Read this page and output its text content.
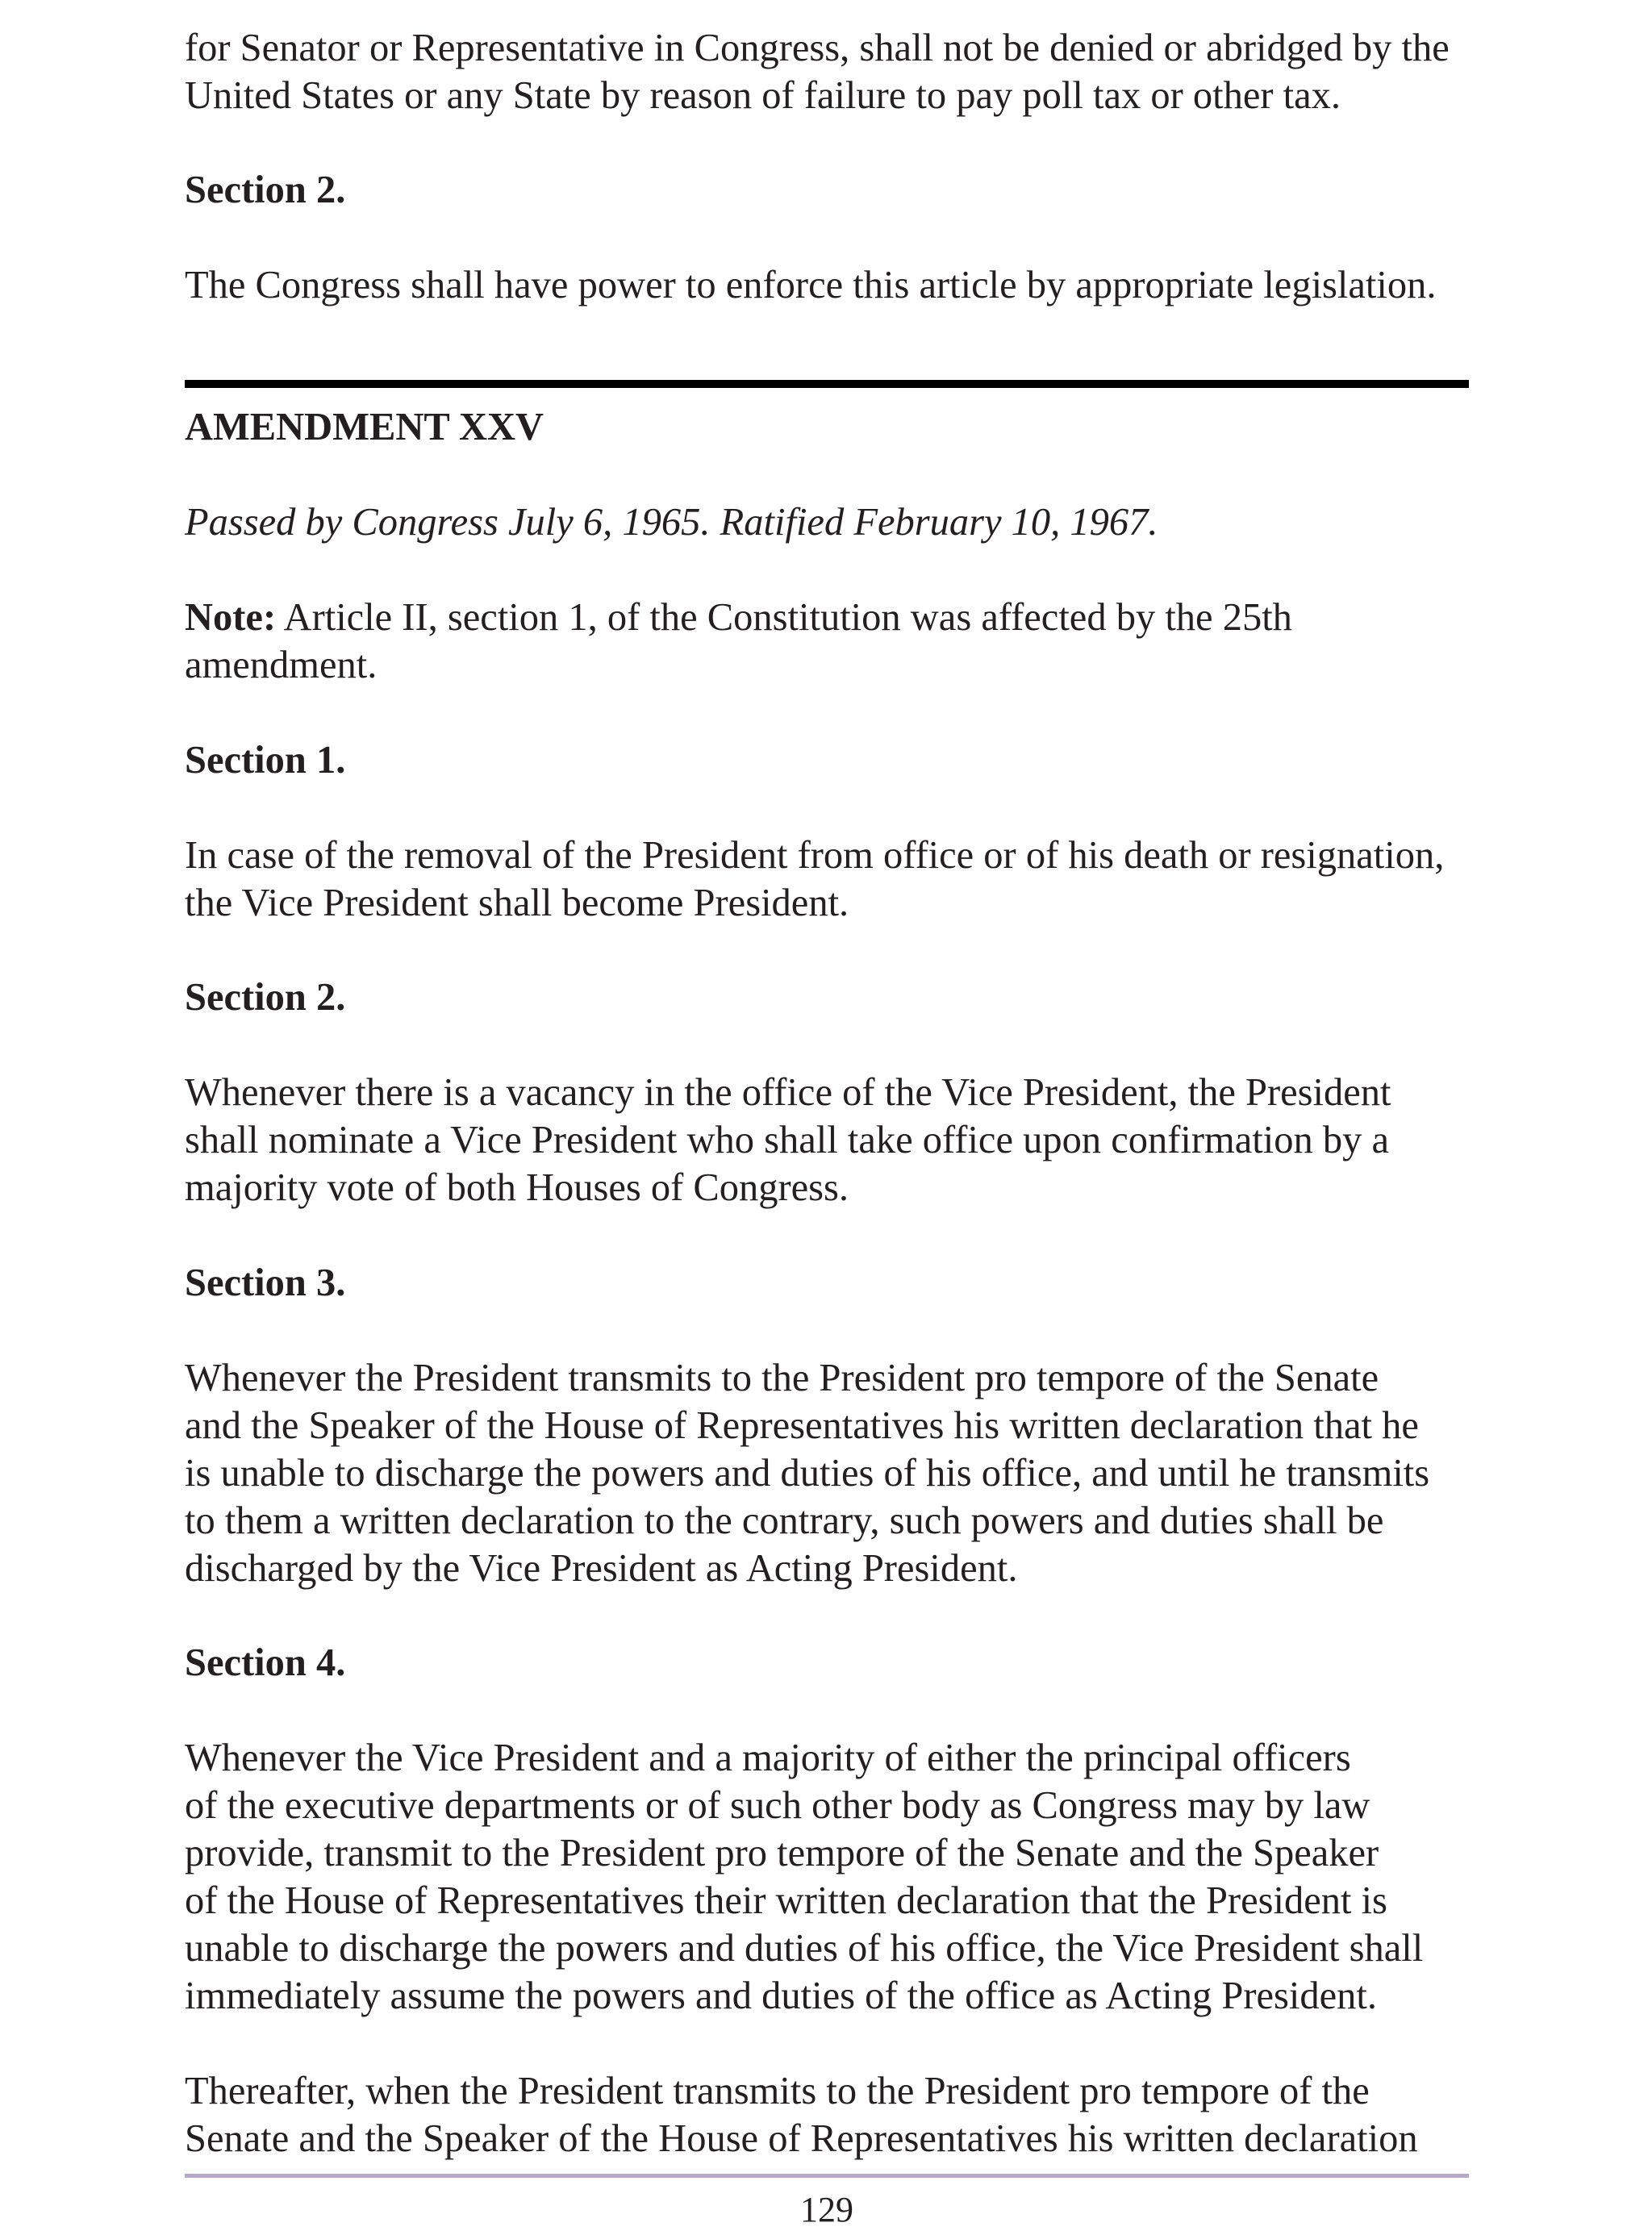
for Senator or Representative in Congress, shall not be denied or abridged by the
United States or any State by reason of failure to pay poll tax or other tax.

Section 2.

The Congress shall have power to enforce this article by appropriate legislation.

AMENDMENT XXV

Passed by Congress July 6, 1965. Ratified February 10, 1967.

Note: Article II, section 1, of the Constitution was affected by the 25th
amendment.

Section 1.

In case of the removal of the President from office or of his death or resignation,
the Vice President shall become President.

Section 2.

Whenever there is a vacancy in the office of the Vice President, the President
shall nominate a Vice President who shall take office upon confirmation by a
majority vote of both Houses of Congress.

Section 3.

Whenever the President transmits to the President pro tempore of the Senate
and the Speaker of the House of Representatives his written declaration that he
is unable to discharge the powers and duties of his office, and until he transmits
to them a written declaration to the contrary, such powers and duties shall be
discharged by the Vice President as Acting President.

Section 4.

Whenever the Vice President and a majority of either the principal officers
of the executive departments or of such other body as Congress may by law
provide, transmit to the President pro tempore of the Senate and the Speaker
of the House of Representatives their written declaration that the President is
unable to discharge the powers and duties of his office, the Vice President shall
immediately assume the powers and duties of the office as Acting President.

Thereafter, when the President transmits to the President pro tempore of the
Senate and the Speaker of the House of Representatives his written declaration

129
